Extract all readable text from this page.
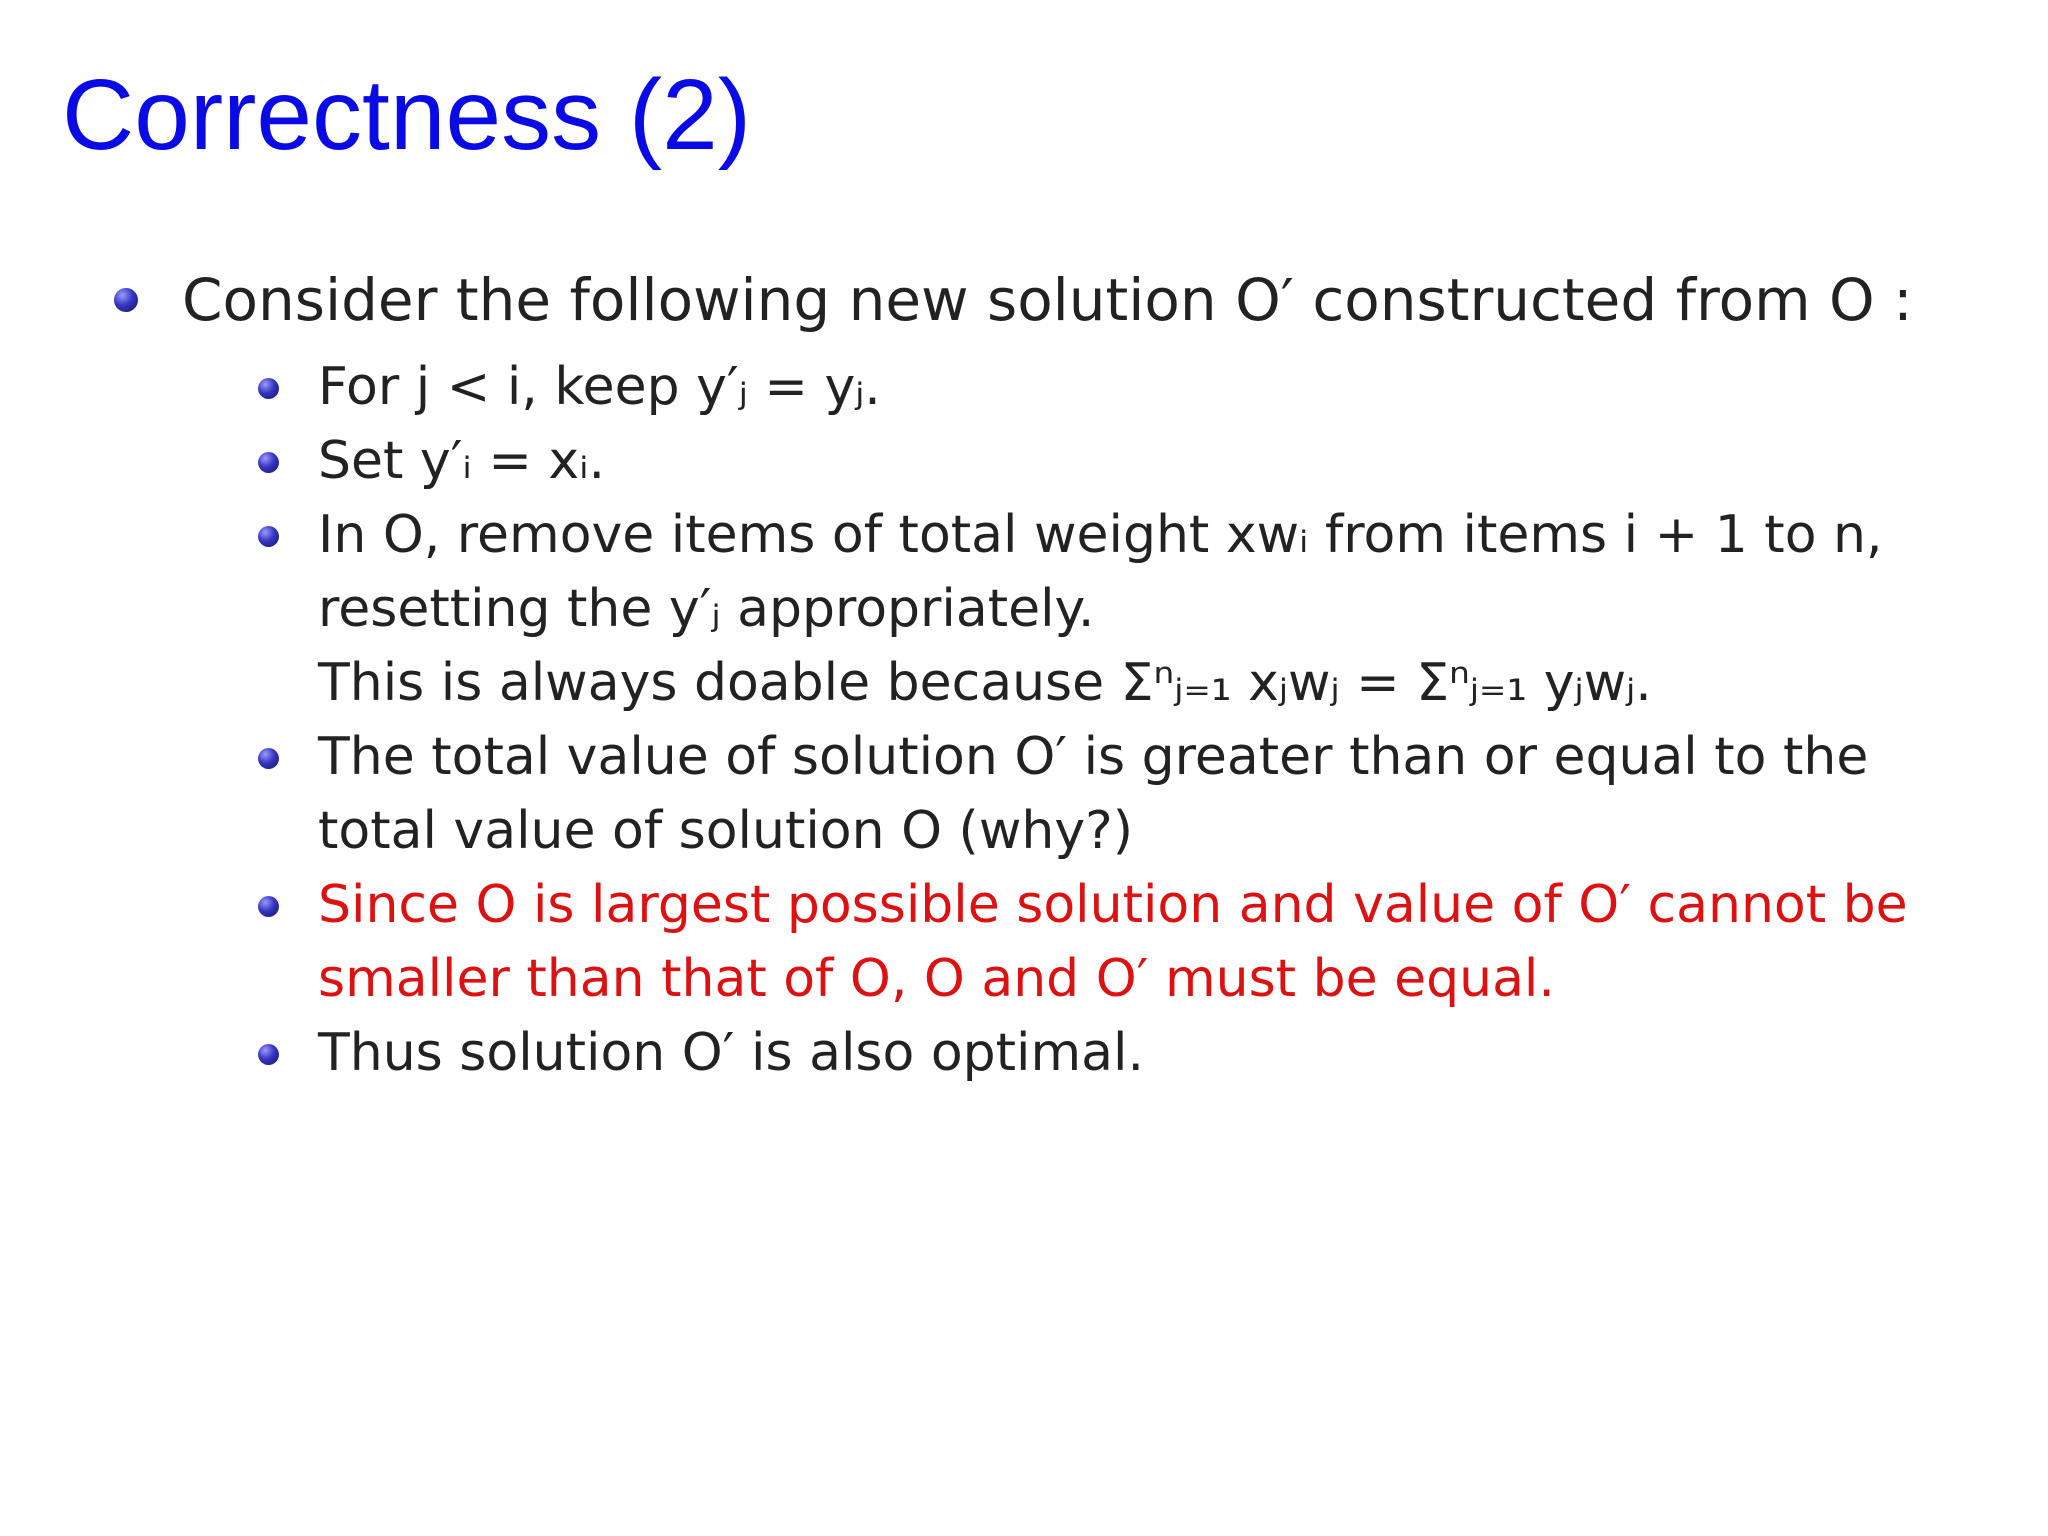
Correctness (2)
Consider the following new solution O′ constructed from O :
For j < i, keep y′ⱼ = yⱼ.
Set y′ᵢ = xᵢ.
In O, remove items of total weight xwᵢ from items i + 1 to n,
resetting the y′ⱼ appropriately.
This is always doable because Σⁿⱼ₌₁ xⱼwⱼ = Σⁿⱼ₌₁ yⱼwⱼ.
The total value of solution O′ is greater than or equal to the
total value of solution O (why?)
Since O is largest possible solution and value of O′ cannot be
smaller than that of O, O and O′ must be equal.
Thus solution O′ is also optimal.
